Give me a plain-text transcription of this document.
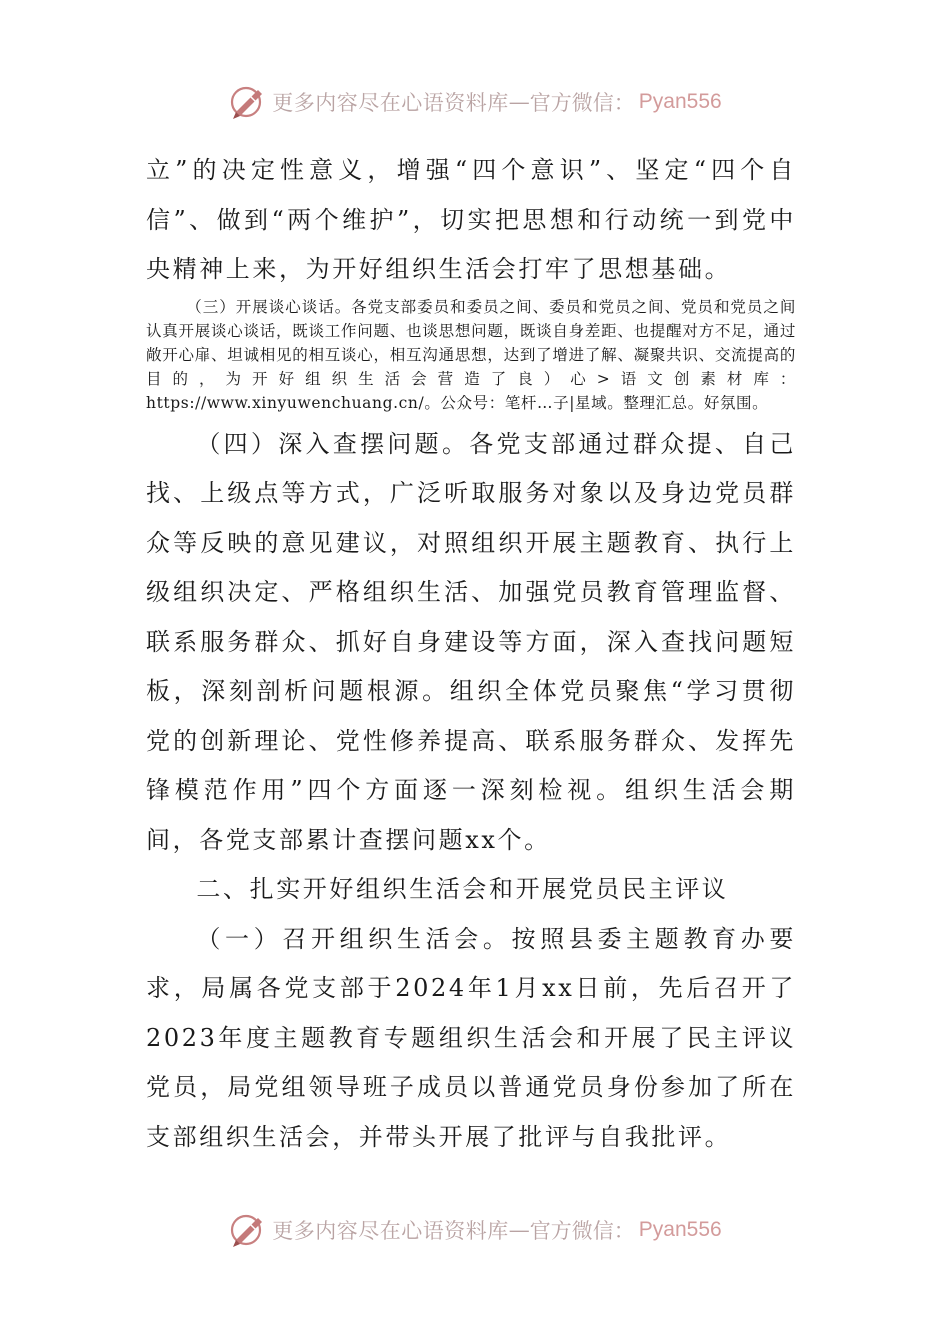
更多内容尽在心语资料库 — 官方微信： Pyan556

立”的决定性意义，增强“四个意识”、坚定“四个自信”、做到“两个维护”，切实把思想和行动统一到党中央精神上来，为开好组织生活会打牢了思想基础。

（三）开展谈心谈话。各党支部委员和委员之间、委员和党员之间、党员和党员之间认真开展谈心谈话，既谈工作问题、也谈思想问题，既谈自身差距、也提醒对方不足，通过敞开心扉、坦诚相见的相互谈心，相互沟通思想，达到了增进了解、凝聚共识、交流提高的目的，为开好组织生活会营造了良）心>语文创素材库：https://www.xinyuwenchuang.cn/。公众号：笔杆…子|星域。整理汇总。好氛围。

（四）深入查摆问题。各党支部通过群众提、自己找、上级点等方式，广泛听取服务对象以及身边党员群众等反映的意见建议，对照组织开展主题教育、执行上级组织决定、严格组织生活、加强党员教育管理监督、联系服务群众、抓好自身建设等方面，深入查找问题短板，深刻剖析问题根源。组织全体党员聚焦“学习贯彻党的创新理论、党性修养提高、联系服务群众、发挥先锋模范作用”四个方面逐一深刻检视。组织生活会期间，各党支部累计查摆问题xx个。

二、扎实开好组织生活会和开展党员民主评议

（一）召开组织生活会。按照县委主题教育办要求，局属各党支部于2024年1月xx日前，先后召开了2023年度主题教育专题组织生活会和开展了民主评议党员，局党组领导班子成员以普通党员身份参加了所在支部组织生活会，并带头开展了批评与自我批评。

更多内容尽在心语资料库 — 官方微信： Pyan556
